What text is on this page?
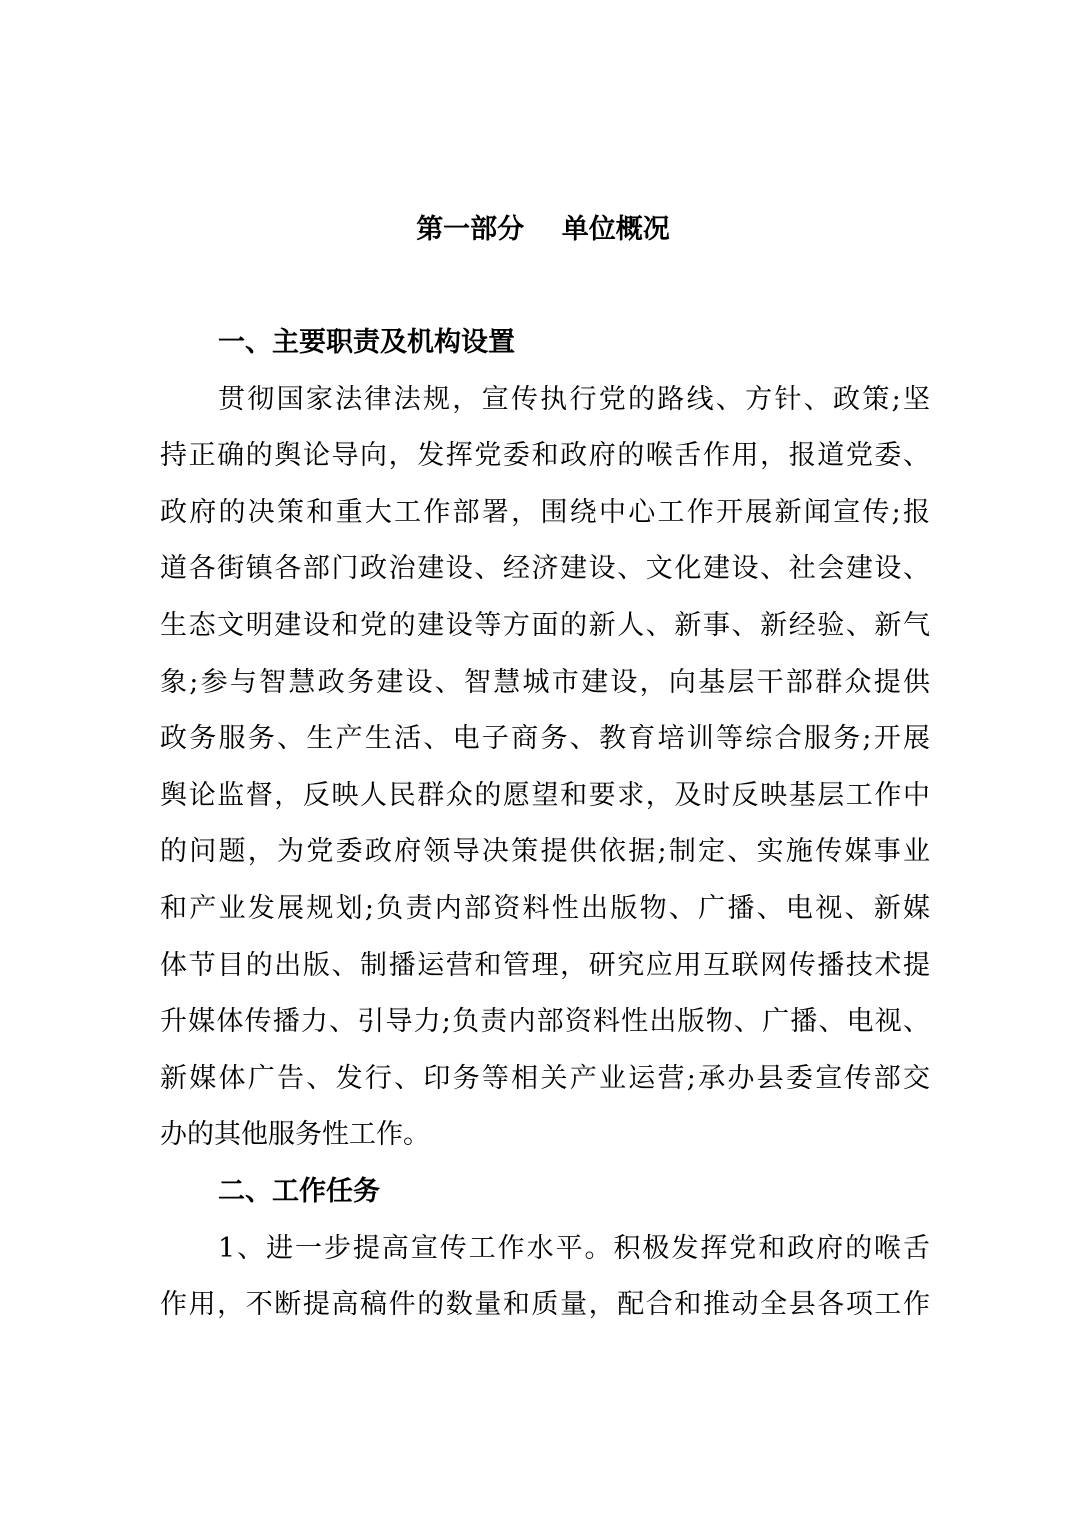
第一部分    单位概况
一、主要职责及机构设置
贯彻国家法律法规，宣传执行党的路线、方针、政策;坚
持正确的舆论导向，发挥党委和政府的喉舌作用，报道党委、
政府的决策和重大工作部署，围绕中心工作开展新闻宣传;报
道各街镇各部门政治建设、经济建设、文化建设、社会建设、
生态文明建设和党的建设等方面的新人、新事、新经验、新气
象;参与智慧政务建设、智慧城市建设，向基层干部群众提供
政务服务、生产生活、电子商务、教育培训等综合服务;开展
舆论监督，反映人民群众的愿望和要求，及时反映基层工作中
的问题，为党委政府领导决策提供依据;制定、实施传媒事业
和产业发展规划;负责内部资料性出版物、广播、电视、新媒
体节目的出版、制播运营和管理，研究应用互联网传播技术提
升媒体传播力、引导力;负责内部资料性出版物、广播、电视、
新媒体广告、发行、印务等相关产业运营;承办县委宣传部交
办的其他服务性工作。
二、工作任务
1、进一步提高宣传工作水平。积极发挥党和政府的喉舌
作用，不断提高稿件的数量和质量，配合和推动全县各项工作
